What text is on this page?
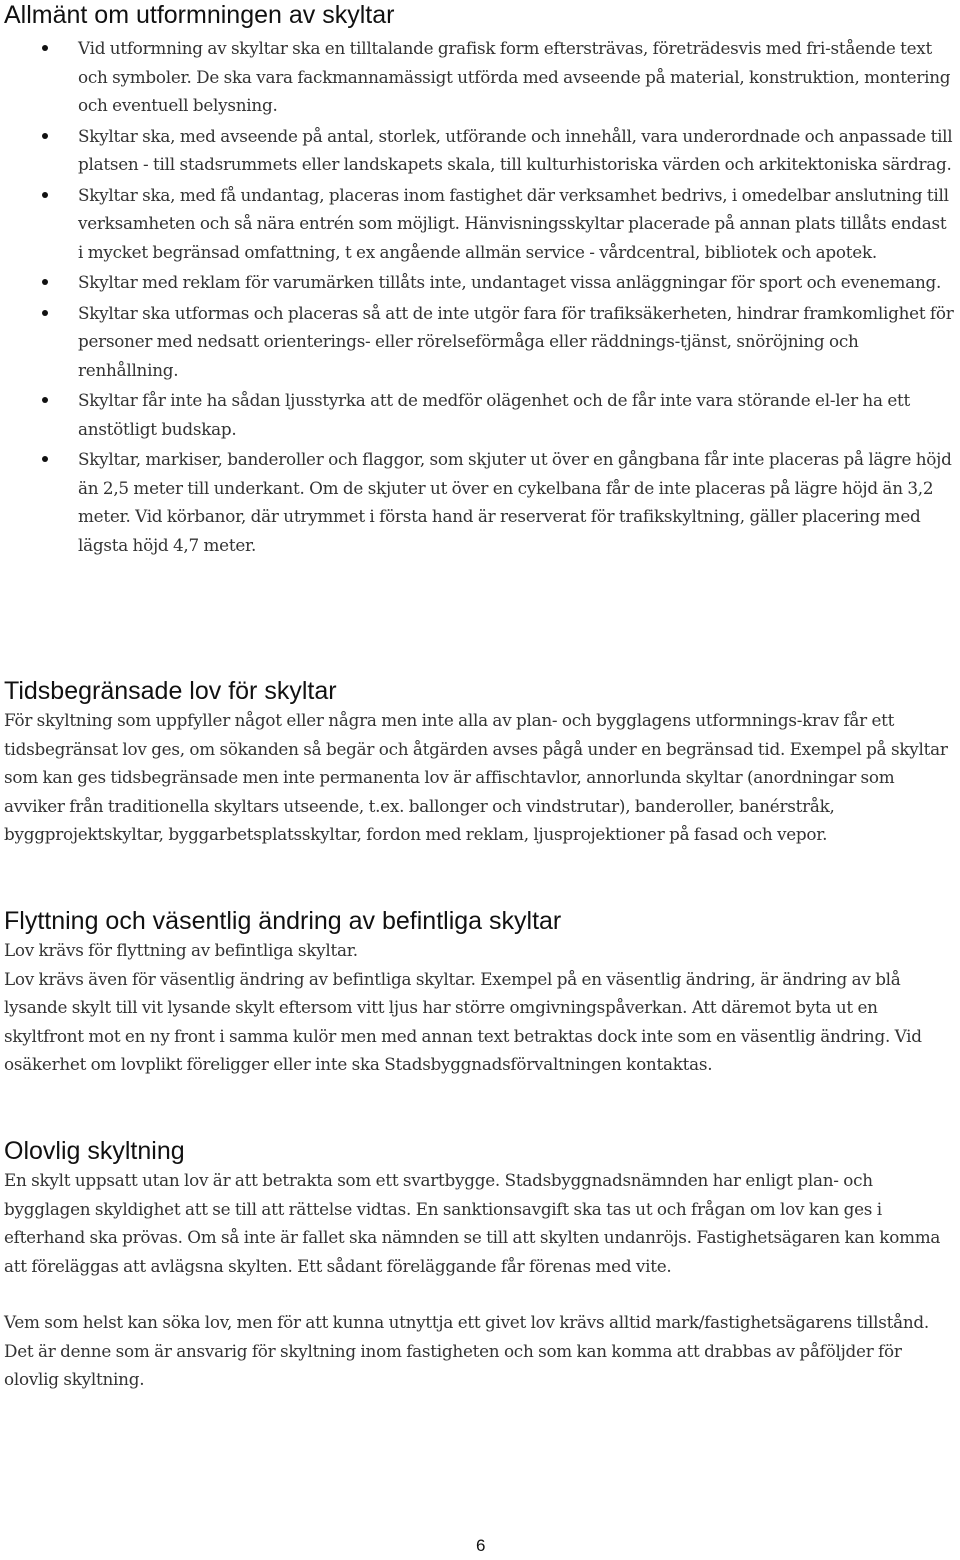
Allmänt om utformningen av skyltar
Vid utformning av skyltar ska en tilltalande grafisk form eftersträvas, företrädesvis med fri-stående text och symboler. De ska vara fackmannamässigt utförda med avseende på material, konstruktion, montering och eventuell belysning.
Skyltar ska, med avseende på antal, storlek, utförande och innehåll, vara underordnade och anpassade till platsen - till stadsrummets eller landskapets skala, till kulturhistoriska värden och arkitektoniska särdrag.
Skyltar ska, med få undantag, placeras inom fastighet där verksamhet bedrivs, i omedelbar anslutning till verksamheten och så nära entrén som möjligt. Hänvisningsskyltar placerade på annan plats tillåts endast i mycket begränsad omfattning, t ex angående allmän service - vårdcentral, bibliotek och apotek.
Skyltar med reklam för varumärken tillåts inte, undantaget vissa anläggningar för sport och evenemang.
Skyltar ska utformas och placeras så att de inte utgör fara för trafiksäkerheten, hindrar framkomlighet för personer med nedsatt orienterings- eller rörelseförmåga eller räddnings-tjänst, snöröjning och renhållning.
Skyltar får inte ha sådan ljusstyrka att de medför olägenhet och de får inte vara störande el-ler ha ett anstötligt budskap.
Skyltar, markiser, banderoller och flaggor, som skjuter ut över en gångbana får inte placeras på lägre höjd än 2,5 meter till underkant. Om de skjuter ut över en cykelbana får de inte placeras på lägre höjd än 3,2 meter. Vid körbanor, där utrymmet i första hand är reserverat för trafikskyltning, gäller placering med lägsta höjd 4,7 meter.
Tidsbegränsade lov för skyltar

För skyltning som uppfyller något eller några men inte alla av plan- och bygglagens utformnings-krav får ett tidsbegränsat lov ges, om sökanden så begär och åtgärden avses pågå under en begränsad tid. Exempel på skyltar som kan ges tidsbegränsade men inte permanenta lov är affischtavlor, annorlunda skyltar (anordningar som avviker från traditionella skyltars utseende, t.ex. ballonger och vindstrutar), banderoller, banérstråk, byggprojektskyltar, byggarbetsplatsskyltar, fordon med reklam, ljusprojektioner på fasad och vepor.

Flyttning och väsentlig ändring av befintliga skyltar

Lov krävs för flyttning av befintliga skyltar.

Lov krävs även för väsentlig ändring av befintliga skyltar. Exempel på en väsentlig ändring, är ändring av blå lysande skylt till vit lysande skylt eftersom vitt ljus har större omgivningspåverkan. Att däremot byta ut en skyltfront mot en ny front i samma kulör men med annan text betraktas dock inte som en väsentlig ändring. Vid osäkerhet om lovplikt föreligger eller inte ska Stadsbyggnadsförvaltningen kontaktas.

Olovlig skyltning

En skylt uppsatt utan lov är att betrakta som ett svartbygge. Stadsbyggnadsnämnden har enligt plan- och bygglagen skyldighet att se till att rättelse vidtas. En sanktionsavgift ska tas ut och frågan om lov kan ges i efterhand ska prövas. Om så inte är fallet ska nämnden se till att skylten undanröjs. Fastighetsägaren kan komma att föreläggas att avlägsna skylten. Ett sådant föreläggande får förenas med vite.

Vem som helst kan söka lov, men för att kunna utnyttja ett givet lov krävs alltid mark/fastighetsägarens tillstånd. Det är denne som är ansvarig för skyltning inom fastigheten och som kan komma att drabbas av påföljder för olovlig skyltning.

6
